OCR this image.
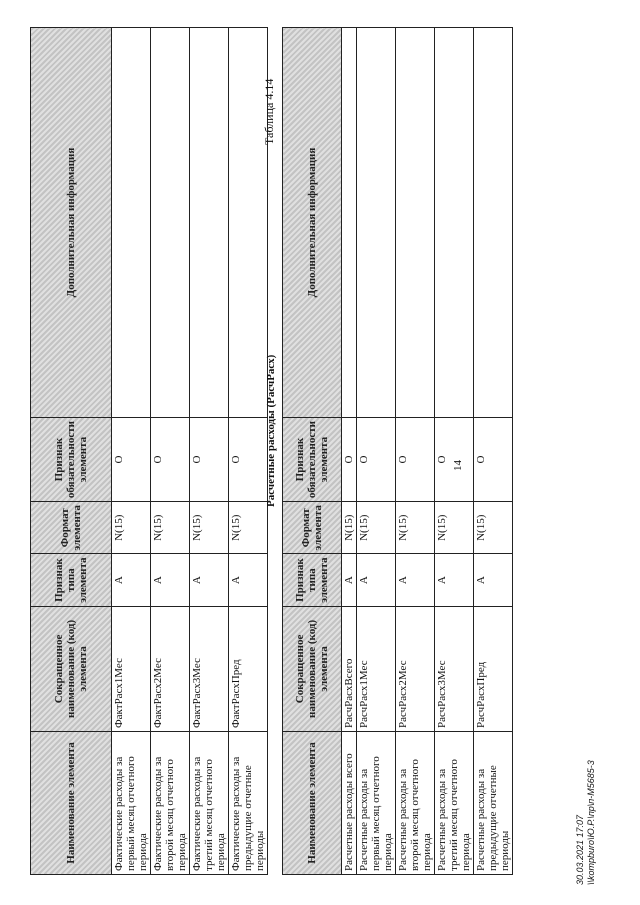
14
Наименование элемента	Сокращенное наименование (код) элемента	Признак типа элемента	Формат элемента	Признак обязательности элемента	Дополнительная информация
Фактические расходы за первый месяц отчетного периода	ФактРасх1Мес	А	N(15)	О	
Фактические расходы за второй месяц отчетного периода	ФактРасх2Мес	А	N(15)	О	
Фактические расходы за третий месяц отчетного периода	ФактРасх3Мес	А	N(15)	О	
Фактические расходы за предыдущие отчетные периоды	ФактРасхПред	А	N(15)	О	
Таблица 4.14
Расчетные расходы (РасчРасх)
Наименование элемента	Сокращенное наименование (код) элемента	Признак типа элемента	Формат элемента	Признак обязательности элемента	Дополнительная информация
Расчетные расходы всего	РасчРасхВсего	А	N(15)	О	
Расчетные расходы за первый месяц отчетного периода	РасчРасх1Мес	А	N(15)	О	
Расчетные расходы за второй месяц отчетного периода	РасчРасх2Мес	А	N(15)	О	
Расчетные расходы за третий месяц отчетного периода	РасчРасх3Мес	А	N(15)	О	
Расчетные расходы за предыдущие отчетные периоды	РасчРасхПред	А	N(15)	О	
30.03.2021 17:07 \\kompburo\Ю.Р.\пр\п-М5685-3
